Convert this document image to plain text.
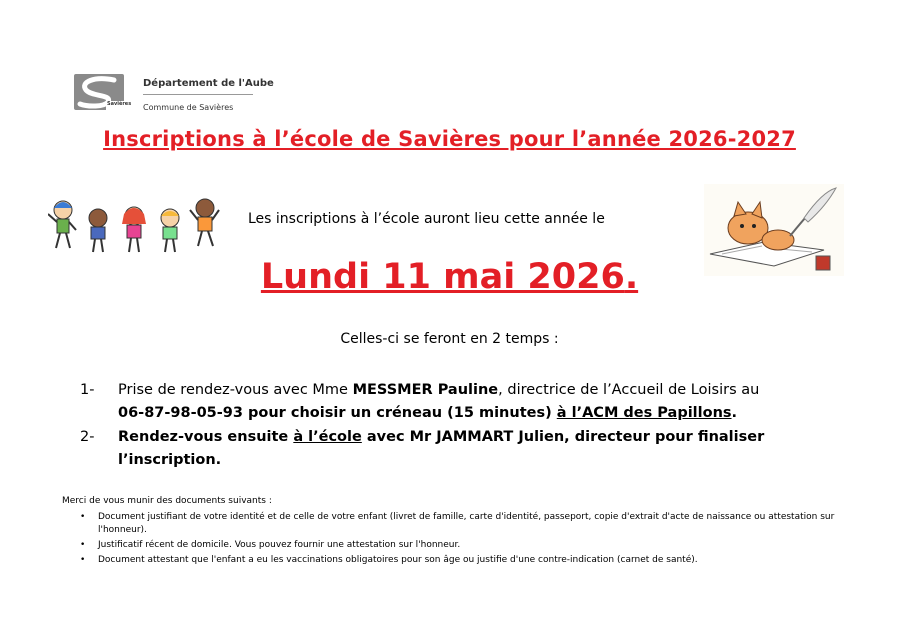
Savières
Département de l'Aube
Commune de Savières
Inscriptions à l’école de Savières pour l’année 2026-2027
Les inscriptions à l’école auront lieu cette année le
Lundi 11 mai 2026.
Celles-ci se feront en 2 temps :
1- Prise de rendez-vous avec Mme MESSMER Pauline, directrice de l’Accueil de Loisirs au
06-87-98-05-93 pour choisir un créneau (15 minutes) à l’ACM des Papillons.
2- Rendez-vous ensuite à l’école avec Mr JAMMART Julien, directeur pour finaliser
l’inscription.
Merci de vous munir des documents suivants :
• Document justifiant de votre identité et de celle de votre enfant (livret de famille, carte d'identité, passeport, copie d'extrait d'acte de naissance ou attestation sur l'honneur).
• Justificatif récent de domicile. Vous pouvez fournir une attestation sur l'honneur.
• Document attestant que l'enfant a eu les vaccinations obligatoires pour son âge ou justifie d'une contre-indication (carnet de santé).
